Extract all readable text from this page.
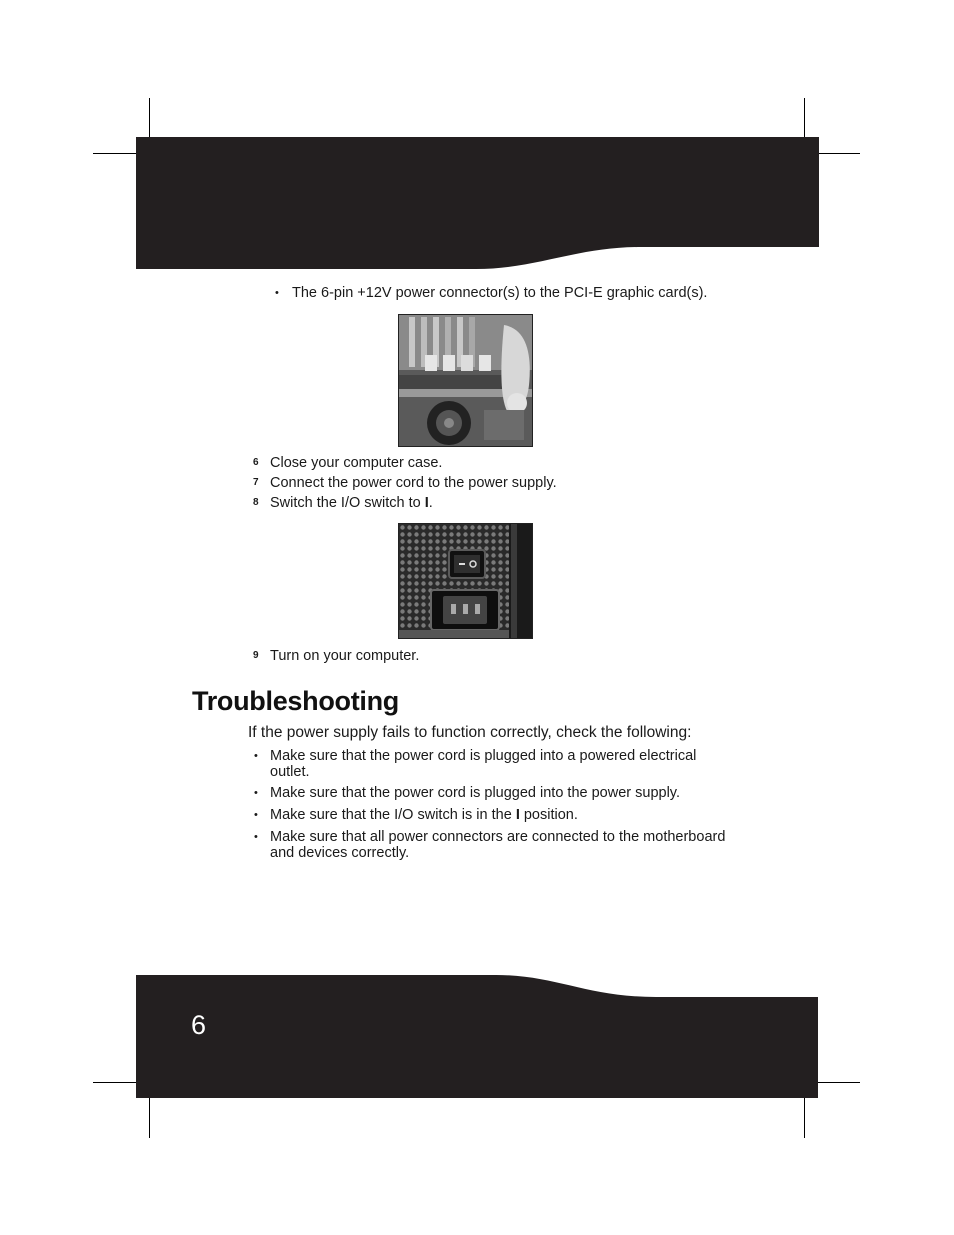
• The 6-pin +12V power connector(s) to the PCI-E graphic card(s).
6 Close your computer case.
7 Connect the power cord to the power supply.
8 Switch the I/O switch to I.
9 Turn on your computer.
Troubleshooting
If the power supply fails to function correctly, check the following:
• Make sure that the power cord is plugged into a powered electrical
outlet.
• Make sure that the power cord is plugged into the power supply.
• Make sure that the I/O switch is in the I position.
• Make sure that all power connectors are connected to the motherboard
and devices correctly.
6
